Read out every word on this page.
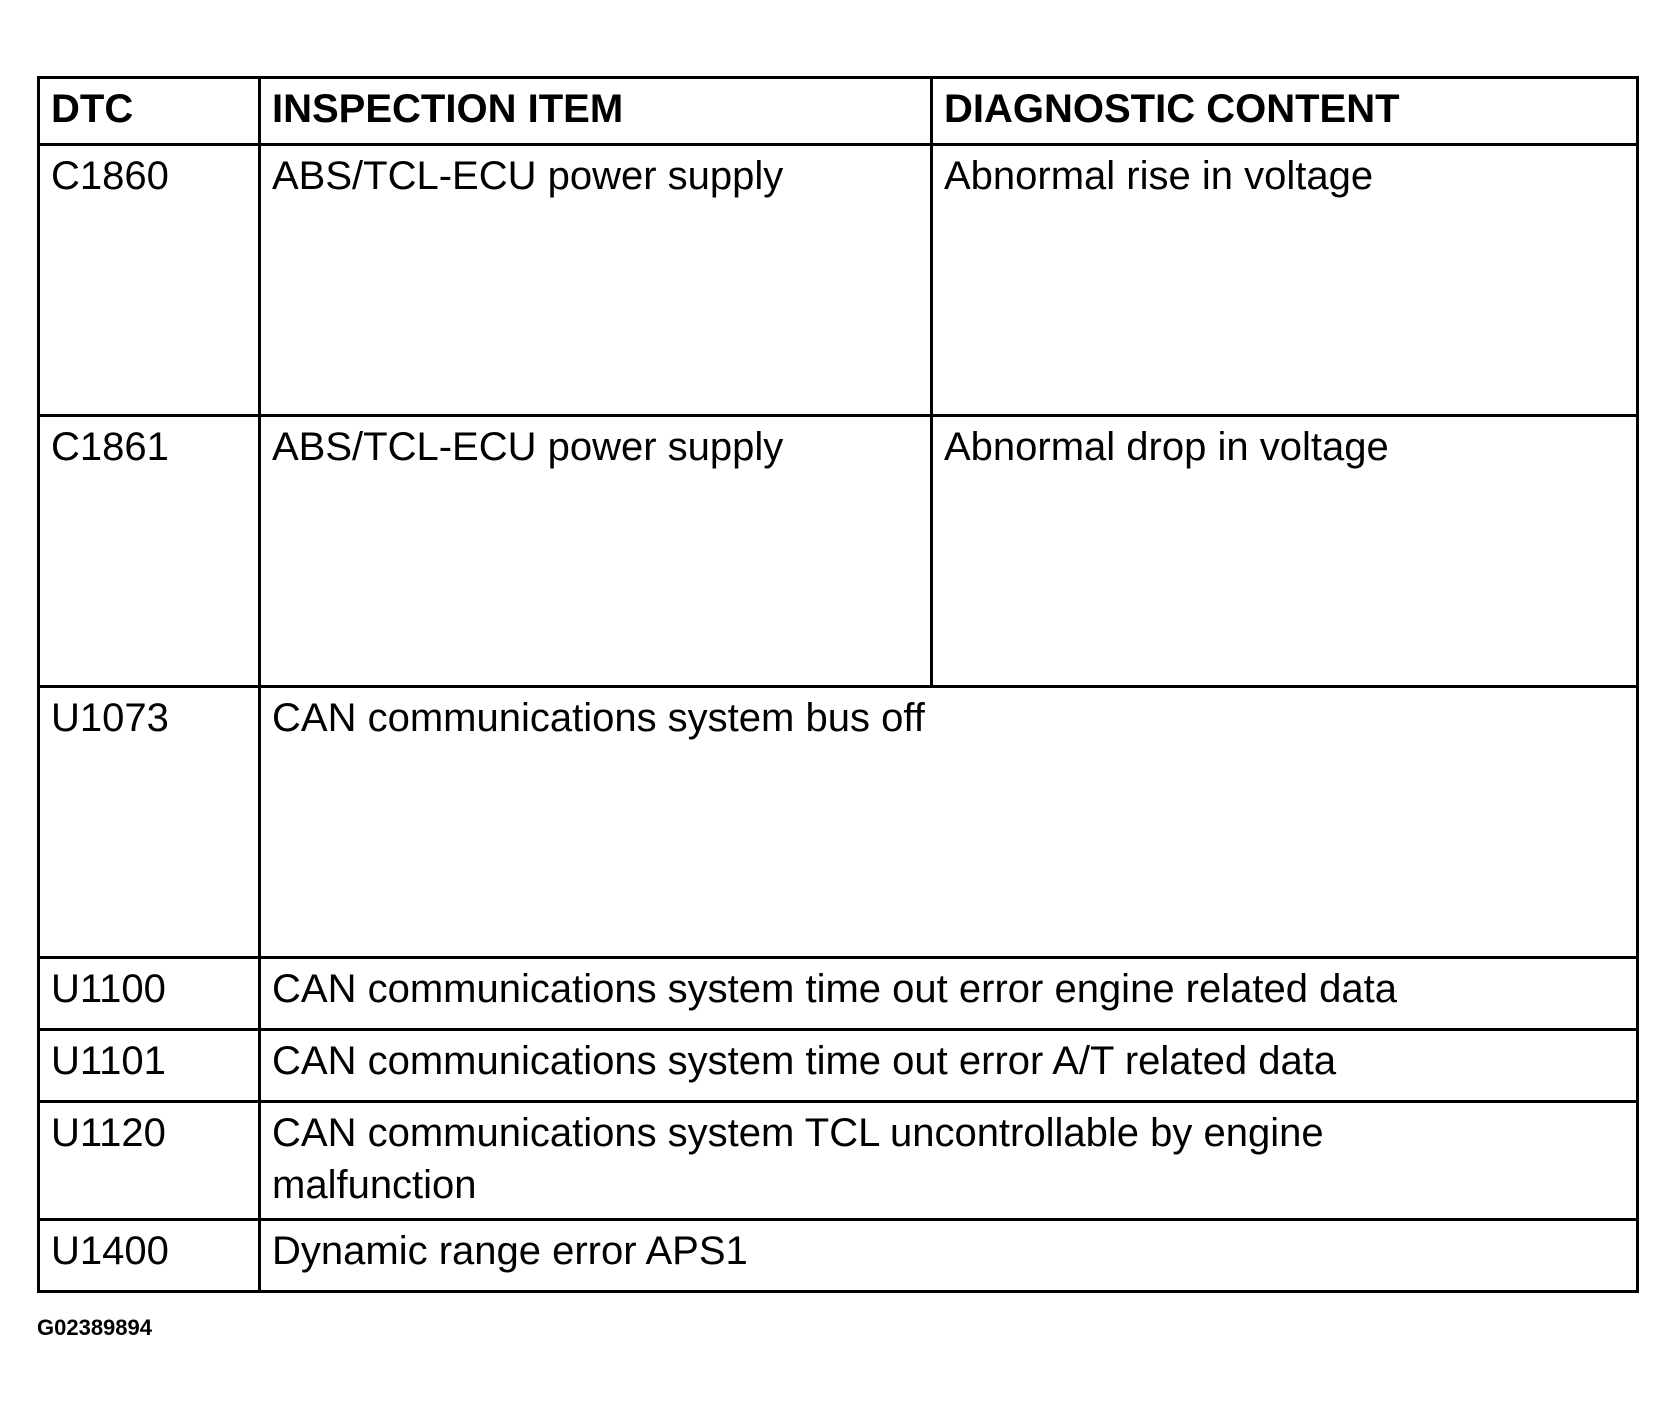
DTC	INSPECTION ITEM	DIAGNOSTIC CONTENT
C1860	ABS/TCL-ECU power supply	Abnormal rise in voltage
C1861	ABS/TCL-ECU power supply	Abnormal drop in voltage
U1073	CAN communications system bus off	
U1100	CAN communications system time out error engine related data	
U1101	CAN communications system time out error A/T related data	
U1120	CAN communications system TCL uncontrollable by engine malfunction	
U1400	Dynamic range error APS1	
G02389894
